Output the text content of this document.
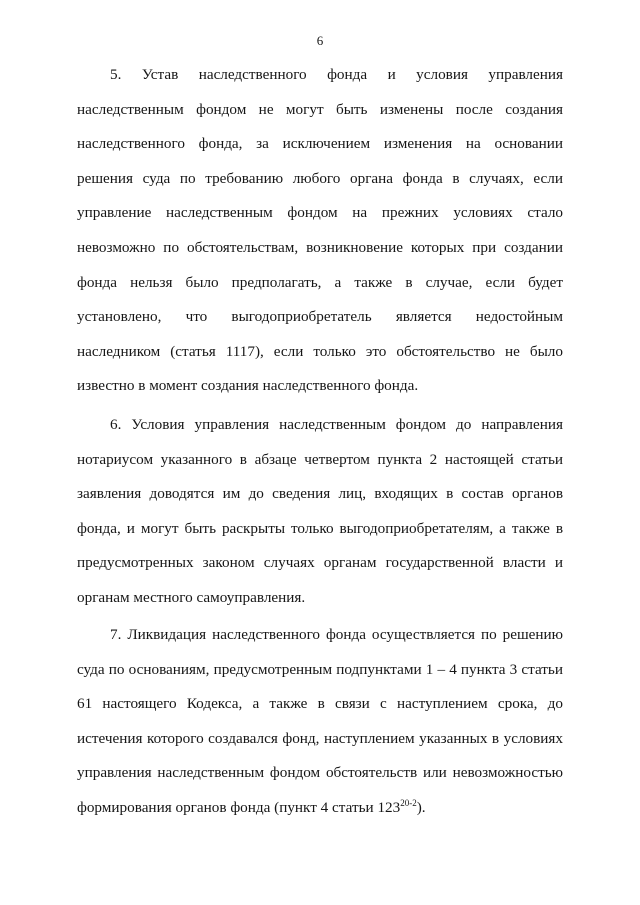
6

5. Устав наследственного фонда и условия управления наследственным фондом не могут быть изменены после создания наследственного фонда, за исключением изменения на основании решения суда по требованию любого органа фонда в случаях, если управление наследственным фондом на прежних условиях стало невозможно по обстоятельствам, возникновение которых при создании фонда нельзя было предполагать, а также в случае, если будет установлено, что выгодоприобретатель является недостойным наследником (статья 1117), если только это обстоятельство не было известно в момент создания наследственного фонда.

6. Условия управления наследственным фондом до направления нотариусом указанного в абзаце четвертом пункта 2 настоящей статьи заявления доводятся им до сведения лиц, входящих в состав органов фонда, и могут быть раскрыты только выгодоприобретателям, а также в предусмотренных законом случаях органам государственной власти и органам местного самоуправления.

7. Ликвидация наследственного фонда осуществляется по решению суда по основаниям, предусмотренным подпунктами 1 – 4 пункта 3 статьи 61 настоящего Кодекса, а также в связи с наступлением срока, до истечения которого создавался фонд, наступлением указанных в условиях управления наследственным фондом обстоятельств или невозможностью формирования органов фонда (пункт 4 статьи 123$^{20-2}$).
